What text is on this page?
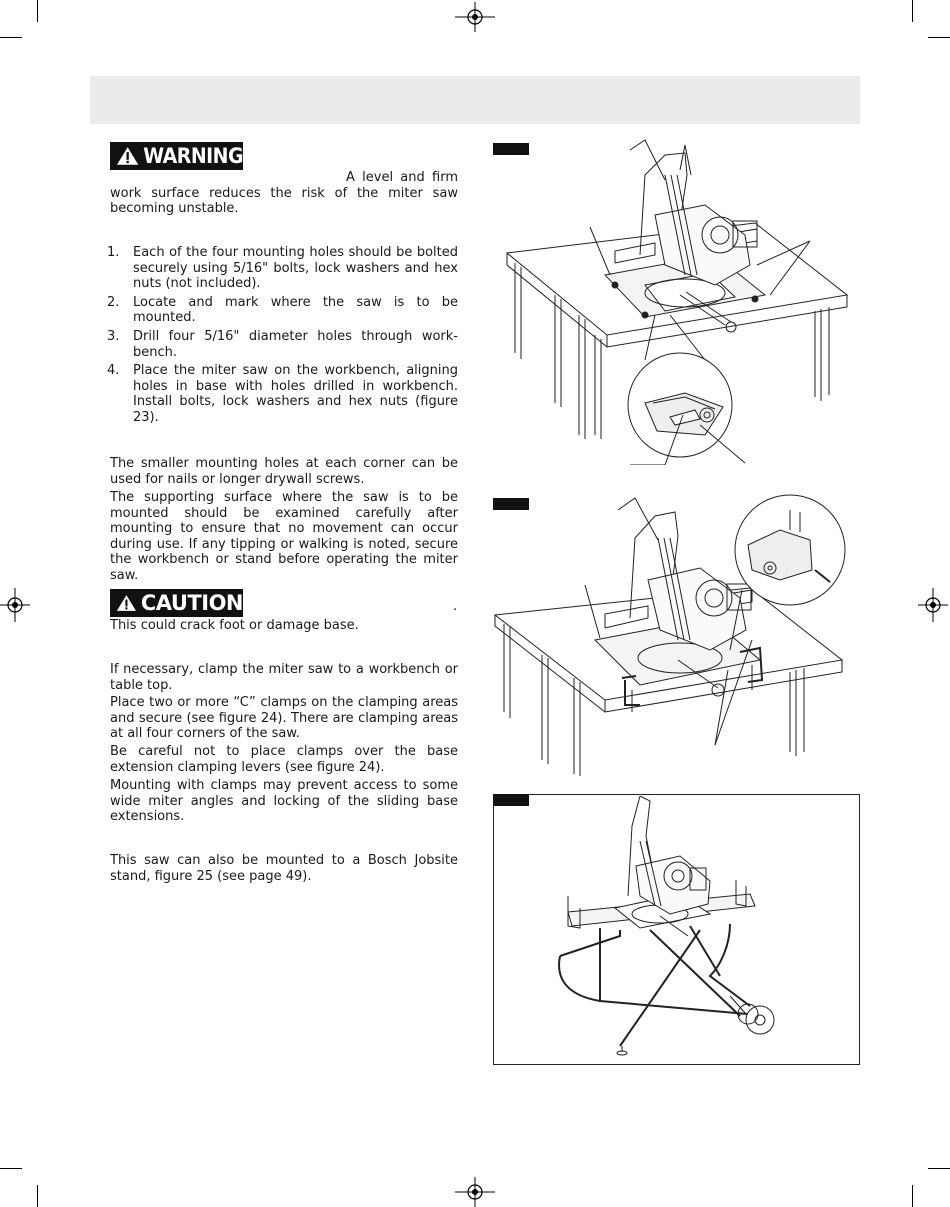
WARNING
A level and firm work surface reduces the risk of the miter saw becoming unstable.
1. Each of the four mounting holes should be bolted securely using 5/16" bolts, lock washers and hex nuts (not included).
2. Locate and mark where the saw is to be mounted.
3. Drill four 5/16" diameter holes through work-bench.
4. Place the miter saw on the workbench, aligning holes in base with holes drilled in workbench. Install bolts, lock washers and hex nuts (figure 23).
The smaller mounting holes at each corner can be used for nails or longer drywall screws.
The supporting surface where the saw is to be mounted should be examined carefully after mounting to ensure that no movement can occur during use. If any tipping or walking is noted, secure the workbench or stand before operating the miter saw.
CAUTION	.
This could crack foot or damage base.
If necessary, clamp the miter saw to a workbench or table top.
Place two or more “C” clamps on the clamping areas and secure (see figure 24). There are clamping areas at all four corners of the saw.
Be careful not to place clamps over the base extension clamping levers (see figure 24).
Mounting with clamps may prevent access to some wide miter angles and locking of the sliding base extensions.
This saw can also be mounted to a Bosch Jobsite stand, figure 25 (see page 49).
